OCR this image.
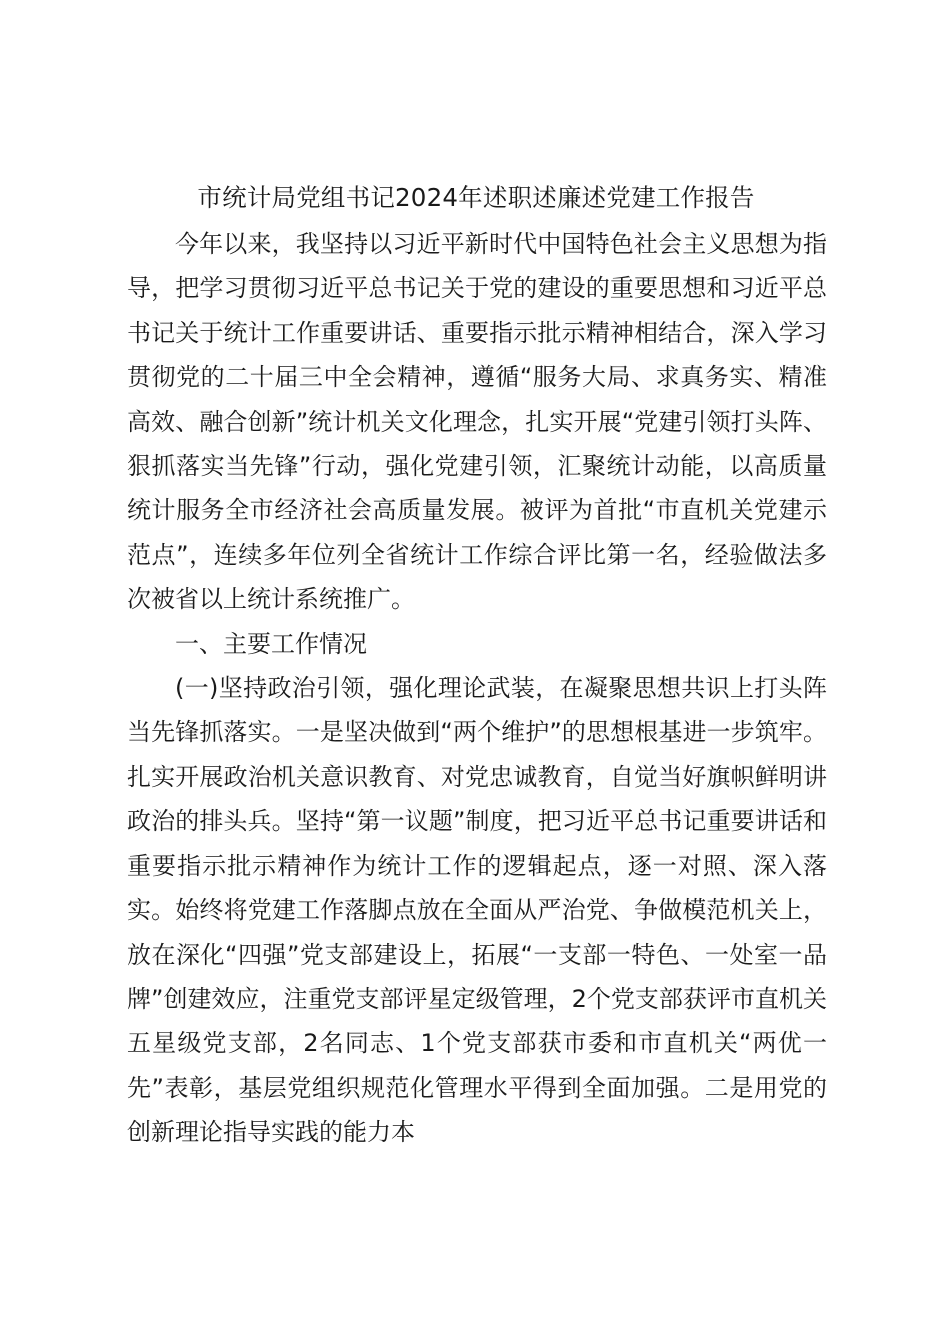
市统计局党组书记2024年述职述廉述党建工作报告

今年以来，我坚持以习近平新时代中国特色社会主义思想为指导，把学习贯彻习近平总书记关于党的建设的重要思想和习近平总书记关于统计工作重要讲话、重要指示批示精神相结合，深入学习贯彻党的二十届三中全会精神，遵循“服务大局、求真务实、精准高效、融合创新”统计机关文化理念，扎实开展“党建引领打头阵、狠抓落实当先锋”行动，强化党建引领，汇聚统计动能，以高质量统计服务全市经济社会高质量发展。被评为首批“市直机关党建示范点”，连续多年位列全省统计工作综合评比第一名，经验做法多次被省以上统计系统推广。

一、主要工作情况

(一)坚持政治引领，强化理论武装，在凝聚思想共识上打头阵当先锋抓落实。一是坚决做到“两个维护”的思想根基进一步筑牢。扎实开展政治机关意识教育、对党忠诚教育，自觉当好旗帜鲜明讲政治的排头兵。坚持“第一议题”制度，把习近平总书记重要讲话和重要指示批示精神作为统计工作的逻辑起点，逐一对照、深入落实。始终将党建工作落脚点放在全面从严治党、争做模范机关上，放在深化“四强”党支部建设上，拓展“一支部一特色、一处室一品牌”创建效应，注重党支部评星定级管理，2个党支部获评市直机关五星级党支部，2名同志、1个党支部获市委和市直机关“两优一先”表彰，基层党组织规范化管理水平得到全面加强。二是用党的创新理论指导实践的能力本
